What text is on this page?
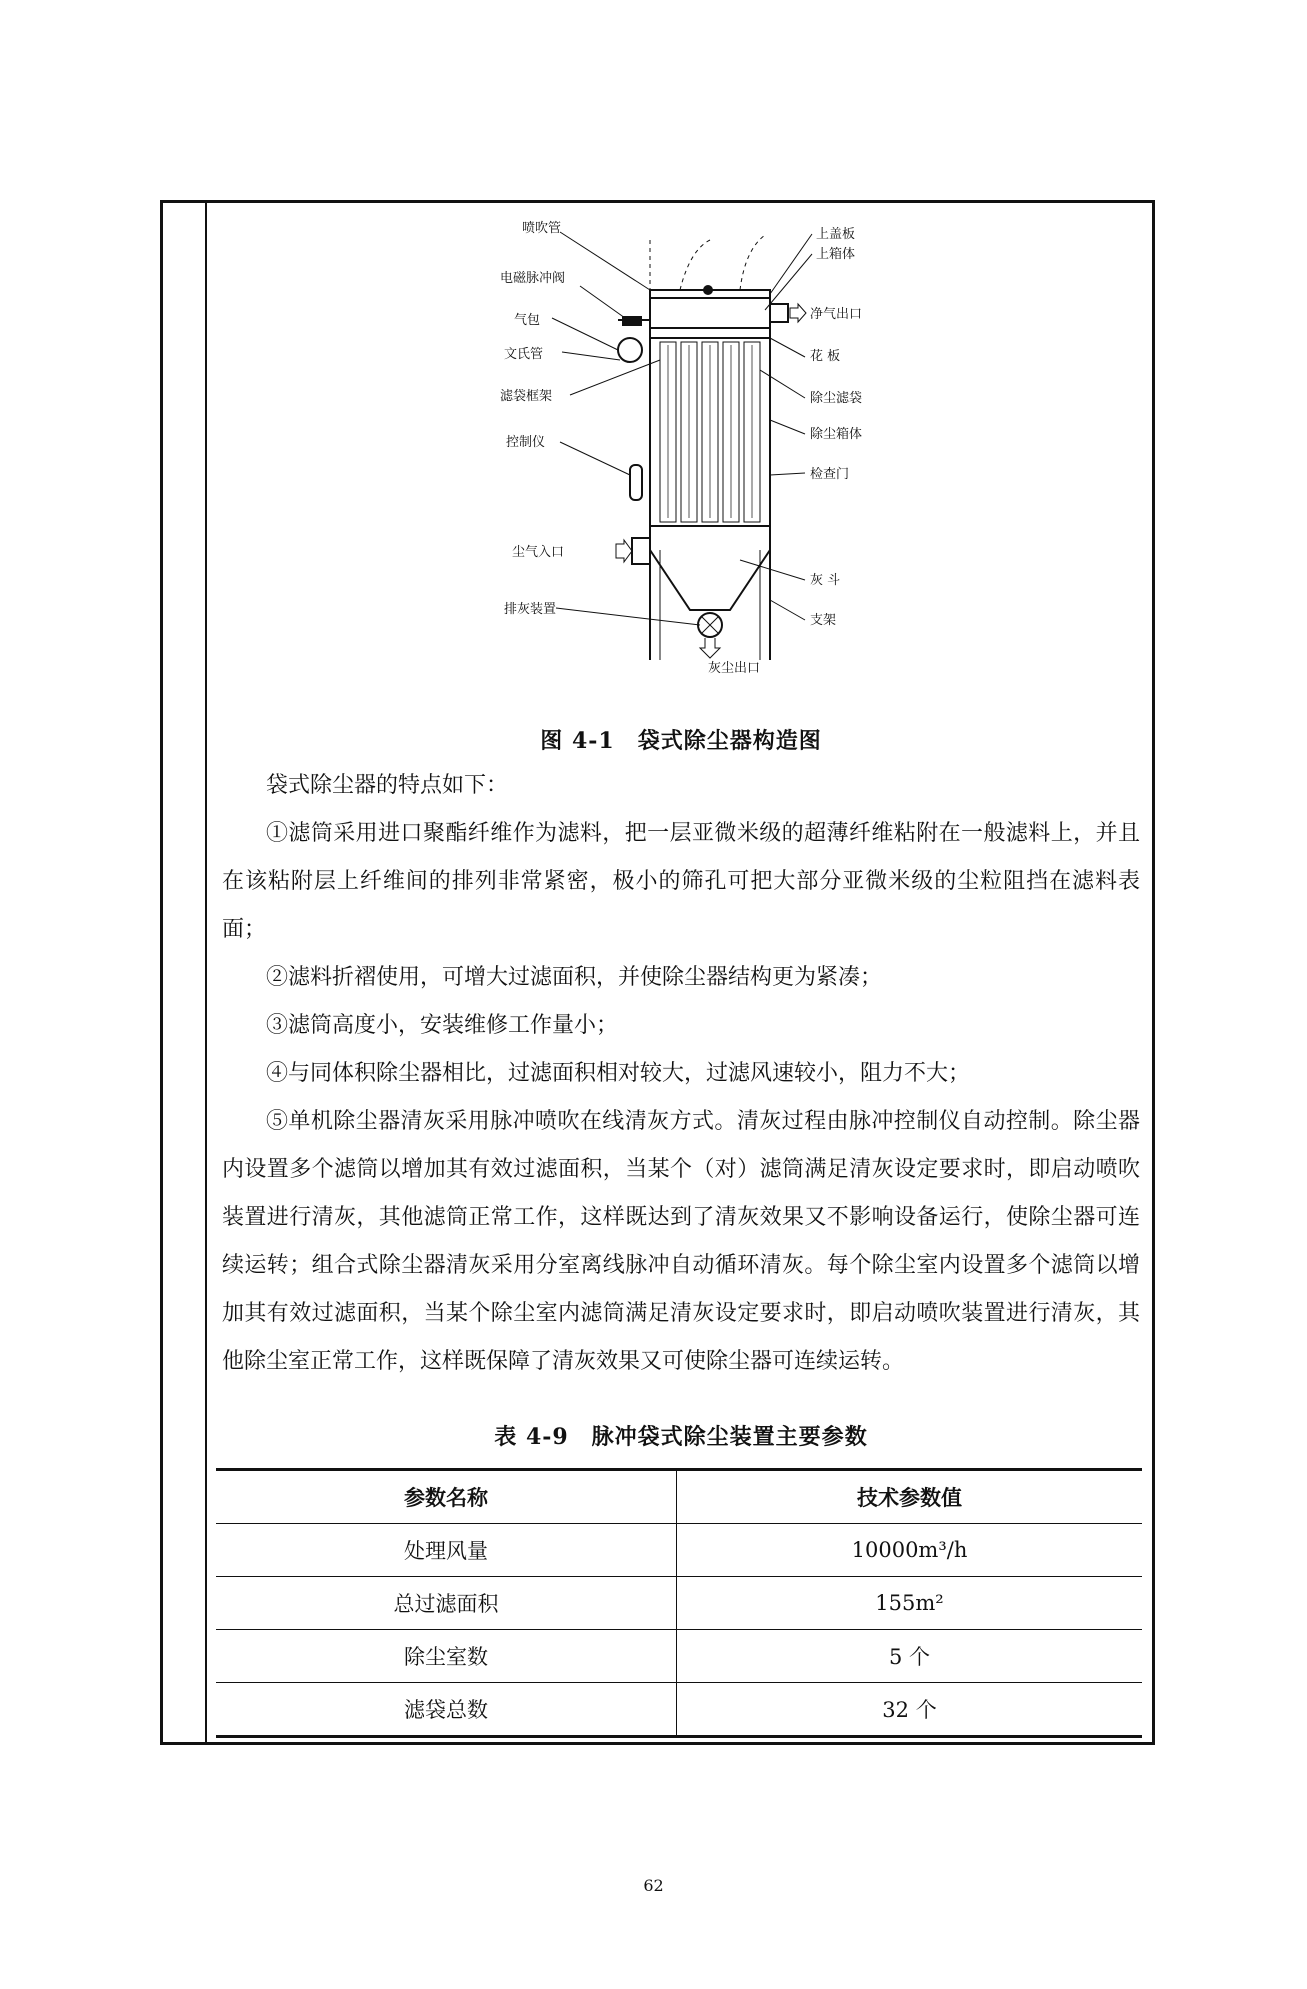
喷吹管
电磁脉冲阀
气包
文氏管
滤袋框架
控制仪
尘气入口
排灰装置
灰尘出口
上盖板
上箱体
净气出口
花 板
除尘滤袋
除尘箱体
检查门
灰 斗
支架
图 4-1　袋式除尘器构造图
袋式除尘器的特点如下：
①滤筒采用进口聚酯纤维作为滤料，把一层亚微米级的超薄纤维粘附在一般滤料上，并且在该粘附层上纤维间的排列非常紧密，极小的筛孔可把大部分亚微米级的尘粒阻挡在滤料表面；
②滤料折褶使用，可增大过滤面积，并使除尘器结构更为紧凑；
③滤筒高度小，安装维修工作量小；
④与同体积除尘器相比，过滤面积相对较大，过滤风速较小，阻力不大；
⑤单机除尘器清灰采用脉冲喷吹在线清灰方式。清灰过程由脉冲控制仪自动控制。除尘器内设置多个滤筒以增加其有效过滤面积，当某个（对）滤筒满足清灰设定要求时，即启动喷吹装置进行清灰，其他滤筒正常工作，这样既达到了清灰效果又不影响设备运行，使除尘器可连续运转；组合式除尘器清灰采用分室离线脉冲自动循环清灰。每个除尘室内设置多个滤筒以增加其有效过滤面积，当某个除尘室内滤筒满足清灰设定要求时，即启动喷吹装置进行清灰，其他除尘室正常工作，这样既保障了清灰效果又可使除尘器可连续运转。
表 4-9　脉冲袋式除尘装置主要参数
参数名称	技术参数值
处理风量	10000m³/h
总过滤面积	155m²
除尘室数	5 个
滤袋总数	32 个
62
